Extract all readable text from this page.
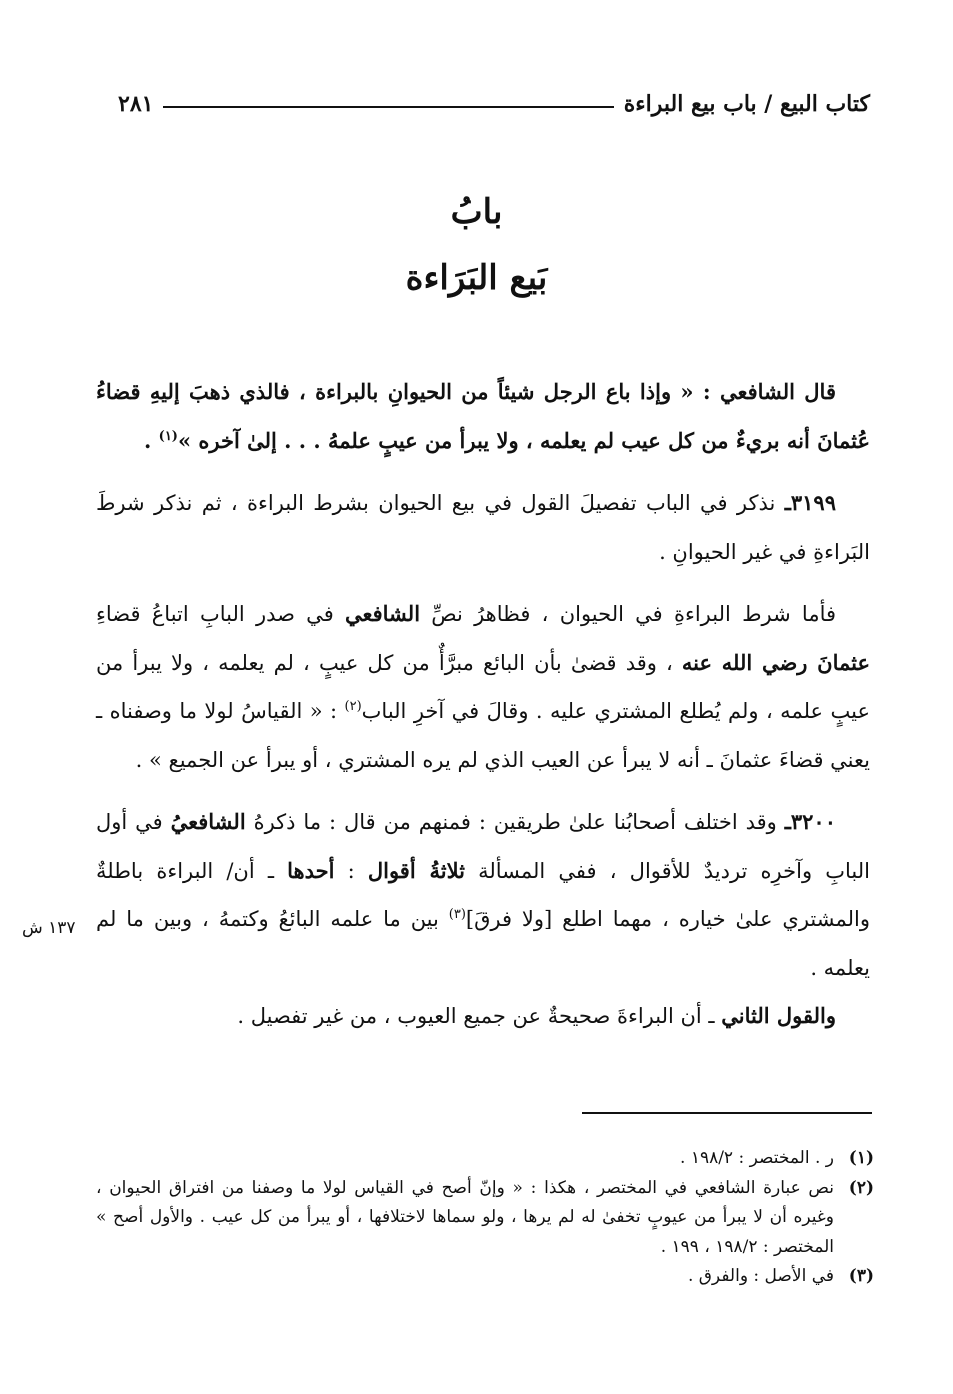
كتاب البيع / باب بيع البراءة
٢٨١
بابُ
بَيع البَرَاءة

قال الشافعي : « وإذا باع الرجل شيئاً من الحيوانِ بالبراءة ، فالذي ذهبَ إليهِ قضاءُ عُثمانَ أنه بريءٌ من كل عيب لم يعلمه ، ولا يبرأ من عيبٍ علمهُ . . . إلىٰ آخره »$^{(١)}$ .

٣١٩٩ـ نذكر في الباب تفصيلَ القول في بيع الحيوان بشرط البراءة ، ثم نذكر شرطَ البَراءةِ في غير الحيوانِ .

فأما شرط البراءةِ في الحيوان ، فظاهرُ نصِّ الشافعي في صدر البابِ اتباعُ قضاءِ عثمانَ رضي الله عنه ، وقد قضىٰ بأن البائع مبرَّأٌ من كل عيبٍ ، لم يعلمه ، ولا يبرأ من عيبٍ علمه ، ولم يُطلع المشتري عليه . وقالَ في آخرِ الباب$^{(٢)}$ : « القياسُ لولا ما وصفناه ـ يعني قضاءَ عثمانَ ـ أنه لا يبرأ عن العيب الذي لم يره المشتري ، أو يبرأ عن الجميع » .

٣٢٠٠ـ وقد اختلف أصحابُنا علىٰ طريقين : فمنهم من قال : ما ذكرهُ الشافعيُ في أول البابِ وآخرِه ترديدٌ للأقوال ، ففي المسألة ثلاثةُ أقوال : أحدها ـ أن/ البراءة باطلةٌ والمشتري علىٰ خياره ، مهما اطلع [ولا فرقَ]$^{(٣)}$ بين ما علمه البائعُ وكتمهُ ، وبين ما لم يعلمه .

والقول الثاني ـ أن البراءةَ صحيحةٌ عن جميع العيوب ، من غير تفصيل .

١٣٧ ش
(١)
ر . المختصر : ١٩٨/٢ .
(٢)
نص عبارة الشافعي في المختصر ، هكذا : « وإنّ أصح في القياس لولا ما وصفنا من افتراق الحيوان ، وغيره أن لا يبرأ من عيوبٍ تخفىٰ له لم يرها ، ولو سماها لاختلافها ، أو يبرأ من كل عيب . والأول أصح » المختصر : ١٩٨/٢ ، ١٩٩ .
(٣)
في الأصل : والفرق .
